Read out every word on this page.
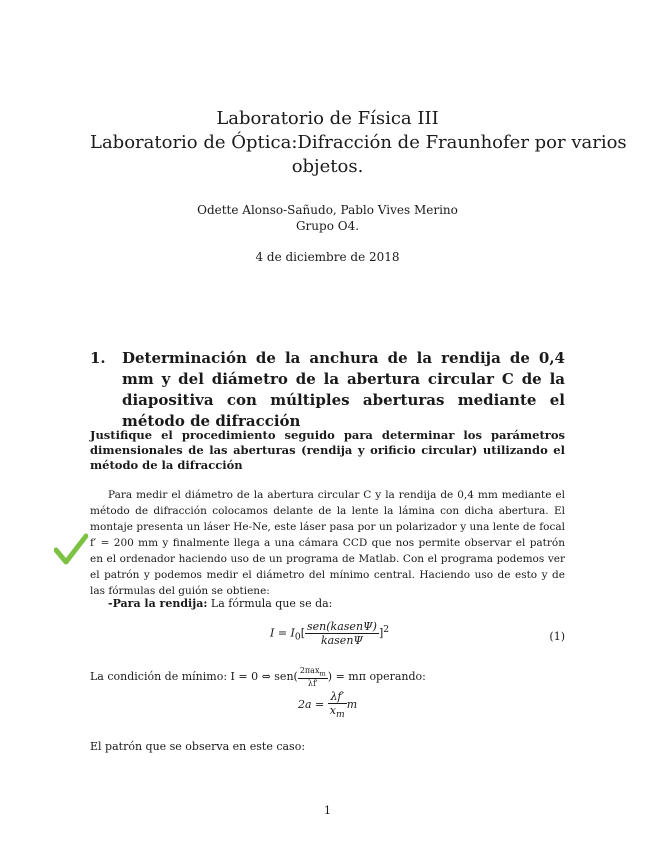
Laboratorio de Física III
Laboratorio de Óptica:Difracción de Fraunhofer por varios
objetos.
Odette Alonso-Sañudo, Pablo Vives Merino
Grupo O4.
4 de diciembre de 2018
1. Determinación de la anchura de la rendija de 0,4 mm y del diámetro de la abertura circular C de la diapositiva con múltiples aberturas mediante el método de difracción
Justifique el procedimiento seguido para determinar los parámetros dimensionales de las aberturas (rendija y orificio circular) utilizando el método de la difracción

Para medir el diámetro de la abertura circular C y la rendija de 0,4 mm mediante el método de difracción colocamos delante de la lente la lámina con dicha abertura. El montaje presenta un láser He-Ne, este láser pasa por un polarizador y una lente de focal f′ = 200 mm y finalmente llega a una cámara CCD que nos permite observar el patrón en el ordenador haciendo uso de un programa de Matlab. Con el programa podemos ver el patrón y podemos medir el diámetro del mínimo central. Haciendo uso de esto y de las fórmulas del guión se obtiene:

-Para la rendija: La fórmula que se da:
$I = I_0[ \frac{\text{sen(kasenΨ)}}{\text{kasenΨ}} ]^2$
(1)
La condición de mínimo: I = 0 ⇔ $sen( \frac{2\pi ax_m}{\lambda f'}$ ) = mπ operando:
$2a = \frac{\lambda f'}{x_m}$ m
El patrón que se observa en este caso:
1
